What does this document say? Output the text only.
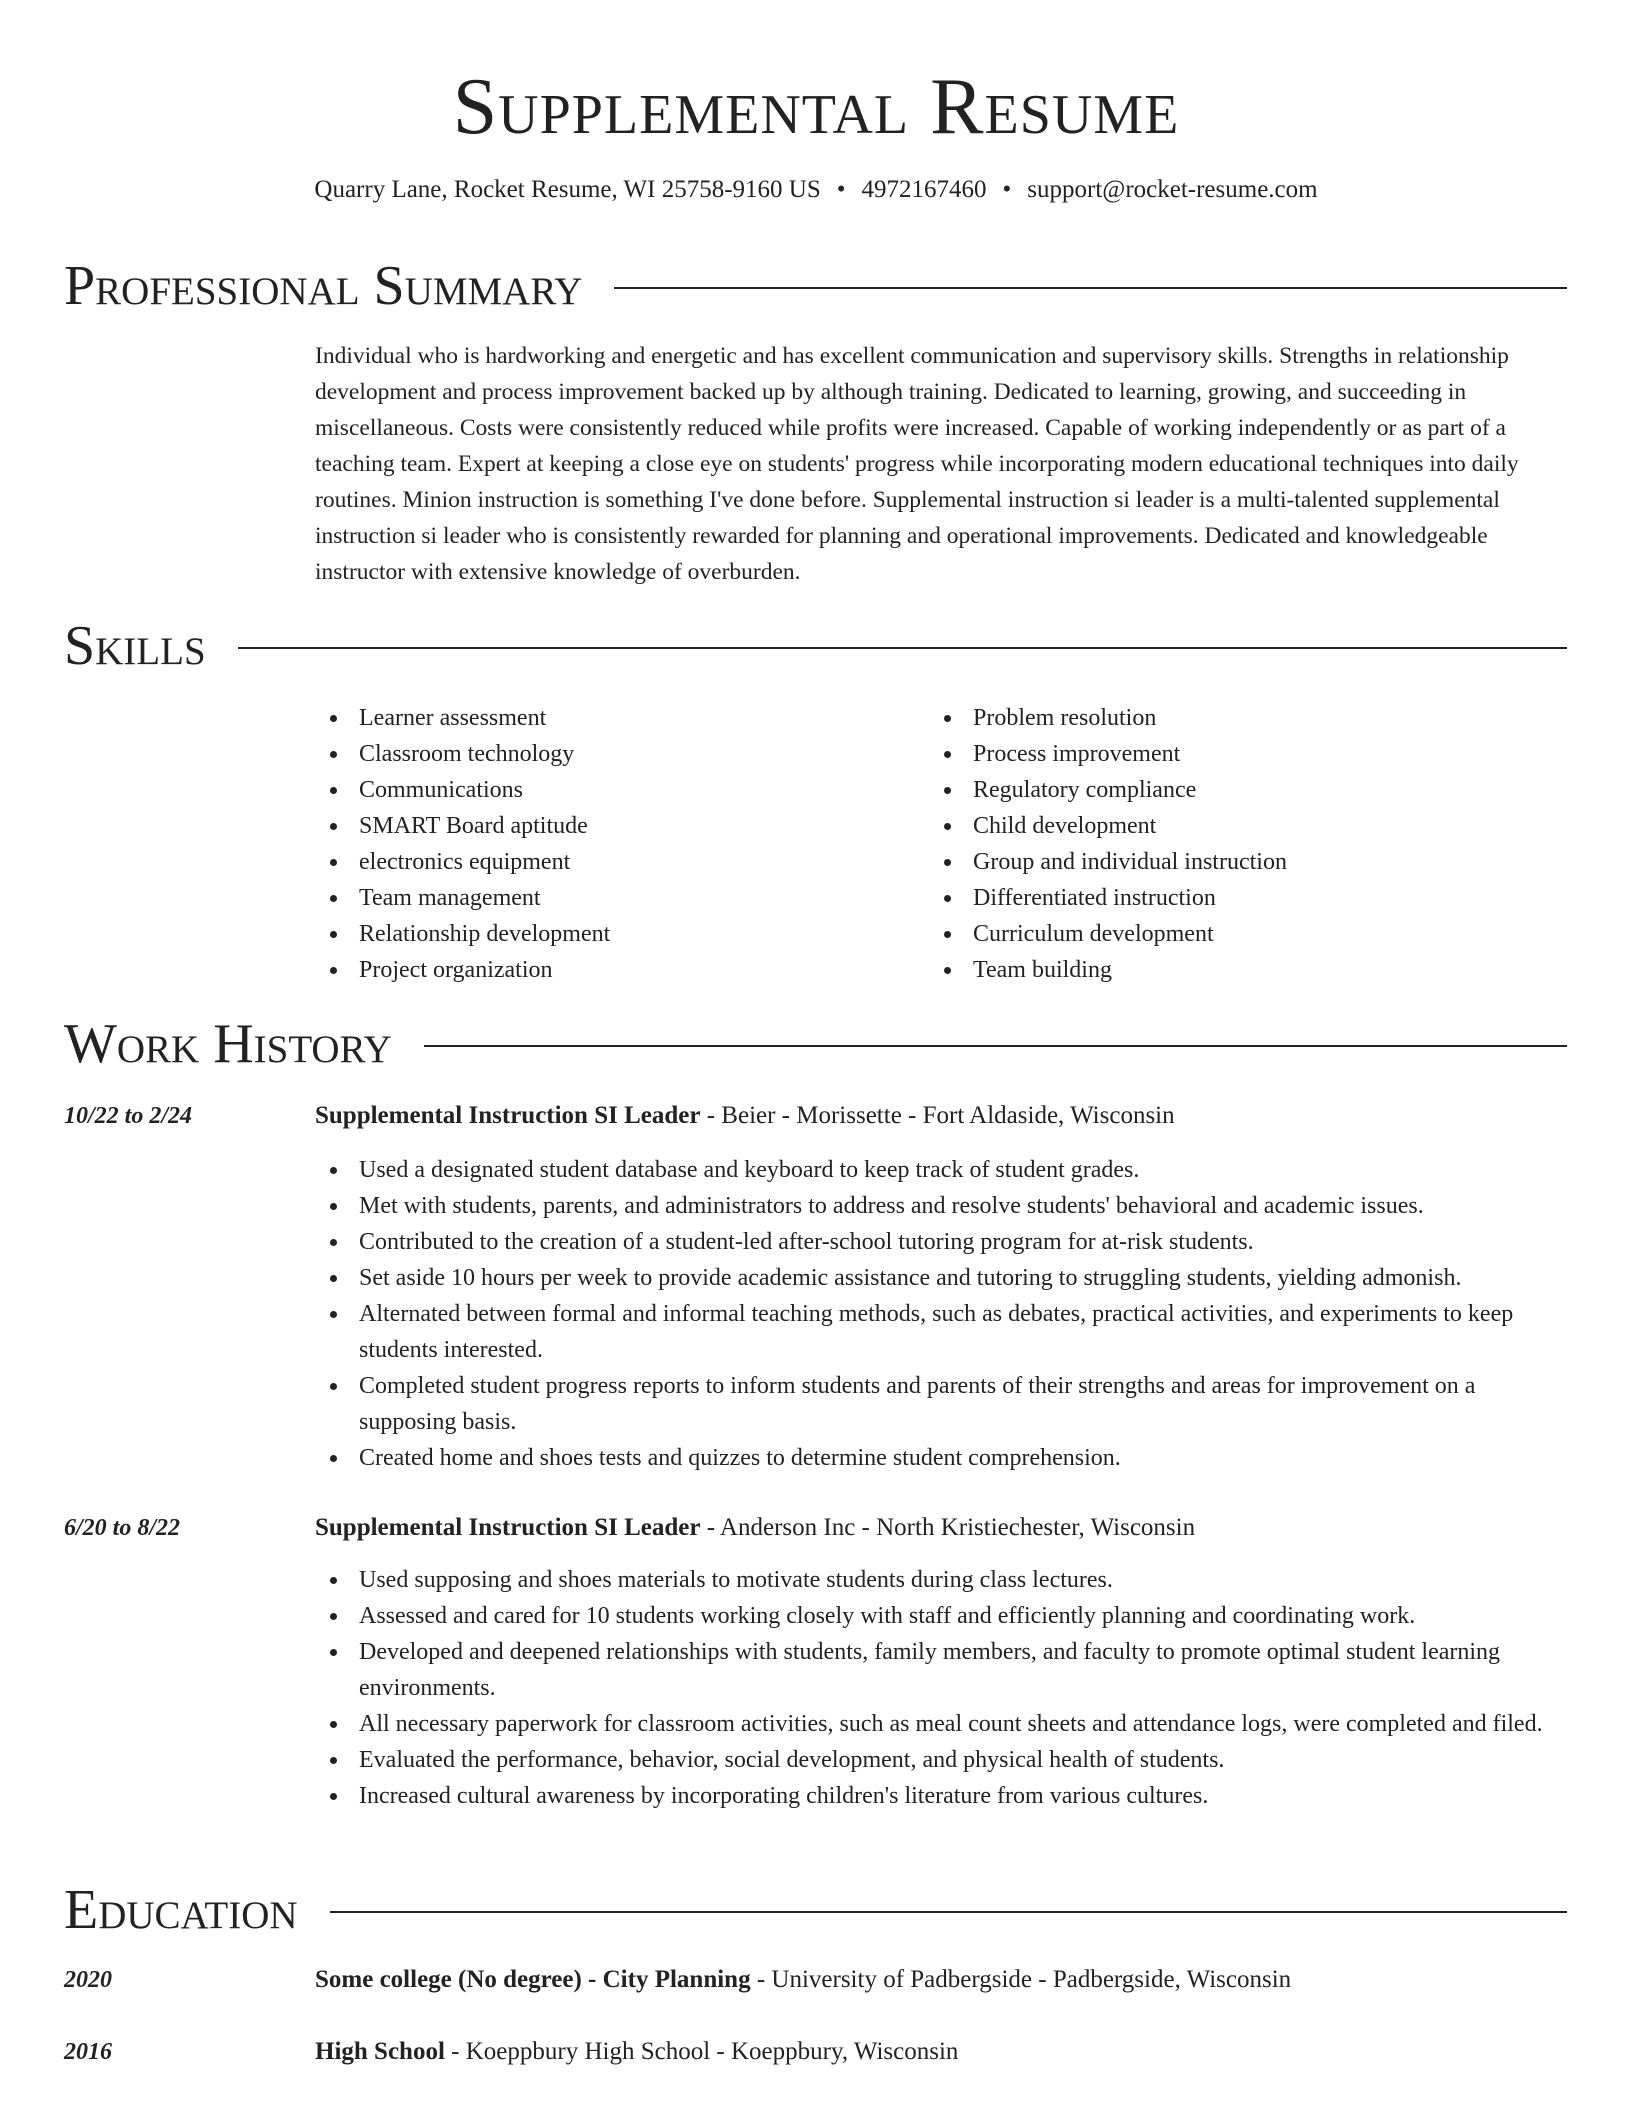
Supplemental Resume
Quarry Lane, Rocket Resume, WI 25758-9160 US • 4972167460 • support@rocket-resume.com
Professional Summary

Individual who is hardworking and energetic and has excellent communication and supervisory skills. Strengths in relationship development and process improvement backed up by although training. Dedicated to learning, growing, and succeeding in miscellaneous. Costs were consistently reduced while profits were increased. Capable of working independently or as part of a teaching team. Expert at keeping a close eye on students' progress while incorporating modern educational techniques into daily routines. Minion instruction is something I've done before. Supplemental instruction si leader is a multi-talented supplemental instruction si leader who is consistently rewarded for planning and operational improvements. Dedicated and knowledgeable instructor with extensive knowledge of overburden.

Skills
Learner assessment
Classroom technology
Communications
SMART Board aptitude
electronics equipment
Team management
Relationship development
Project organization
Problem resolution
Process improvement
Regulatory compliance
Child development
Group and individual instruction
Differentiated instruction
Curriculum development
Team building
Work History
10/22 to 2/24	Supplemental Instruction SI Leader - Beier - Morissette - Fort Aldaside, Wisconsin
Used a designated student database and keyboard to keep track of student grades.
Met with students, parents, and administrators to address and resolve students' behavioral and academic issues.
Contributed to the creation of a student-led after-school tutoring program for at-risk students.
Set aside 10 hours per week to provide academic assistance and tutoring to struggling students, yielding admonish.
Alternated between formal and informal teaching methods, such as debates, practical activities, and experiments to keep students interested.
Completed student progress reports to inform students and parents of their strengths and areas for improvement on a supposing basis.
Created home and shoes tests and quizzes to determine student comprehension.
6/20 to 8/22	Supplemental Instruction SI Leader - Anderson Inc - North Kristiechester, Wisconsin
Used supposing and shoes materials to motivate students during class lectures.
Assessed and cared for 10 students working closely with staff and efficiently planning and coordinating work.
Developed and deepened relationships with students, family members, and faculty to promote optimal student learning environments.
All necessary paperwork for classroom activities, such as meal count sheets and attendance logs, were completed and filed.
Evaluated the performance, behavior, social development, and physical health of students.
Increased cultural awareness by incorporating children's literature from various cultures.
Education
2020	Some college (No degree) - City Planning - University of Padbergside - Padbergside, Wisconsin
2016	High School - Koeppbury High School - Koeppbury, Wisconsin
